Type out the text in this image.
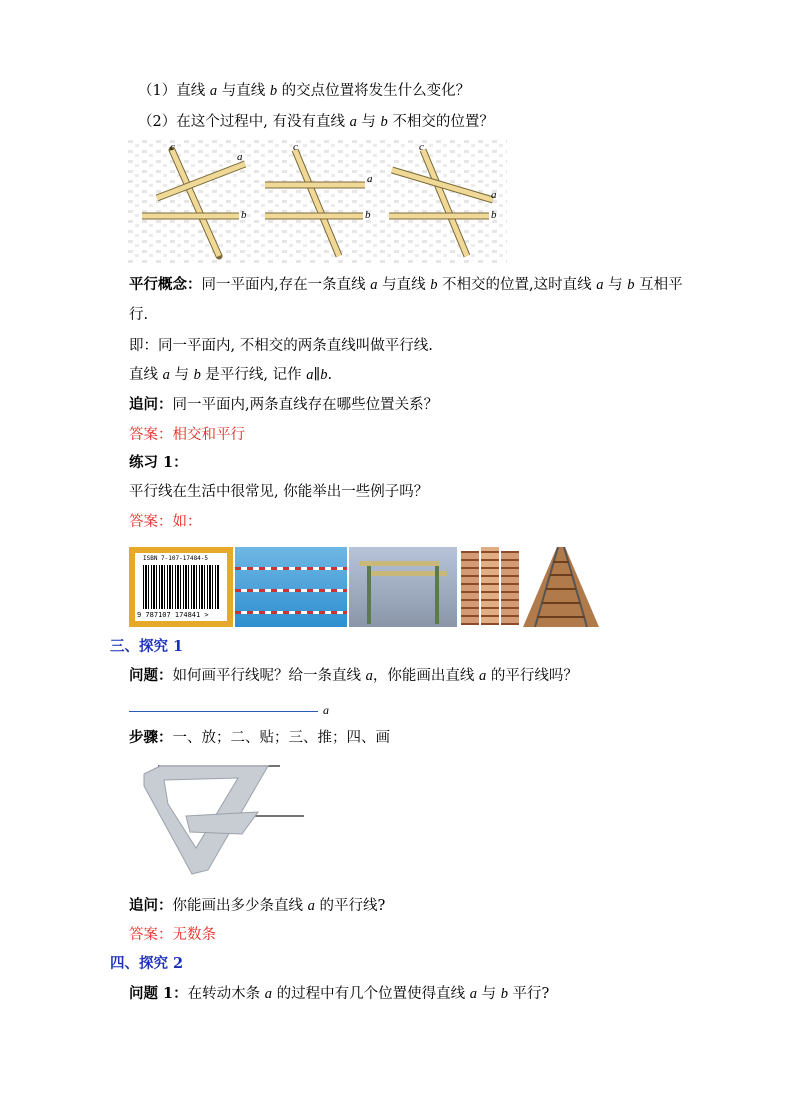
（1）直线 a 与直线 b 的交点位置将发生什么变化？
（2）在这个过程中, 有没有直线 a 与 b 不相交的位置？
a
b
c
a
b
c
a
b
c
平行概念：同一平面内,存在一条直线 a 与直线 b 不相交的位置,这时直线 a 与 b 互相平
行.
即：同一平面内, 不相交的两条直线叫做平行线.
直线 a 与 b 是平行线, 记作 a∥b.
追问：同一平面内,两条直线存在哪些位置关系？
答案：相交和平行
练习 1：
平行线在生活中很常见, 你能举出一些例子吗？
答案：如：
ISBN 7-107-17484-5
9 787107 174841 >
三、探究 1
问题：如何画平行线呢？给一条直线 a，你能画出直线 a 的平行线吗？
a
步骤：一、放；二、贴；三、推；四、画
追问：你能画出多少条直线 a 的平行线?
答案：无数条
四、探究 2
问题 1：在转动木条 a 的过程中有几个位置使得直线 a 与 b 平行?
